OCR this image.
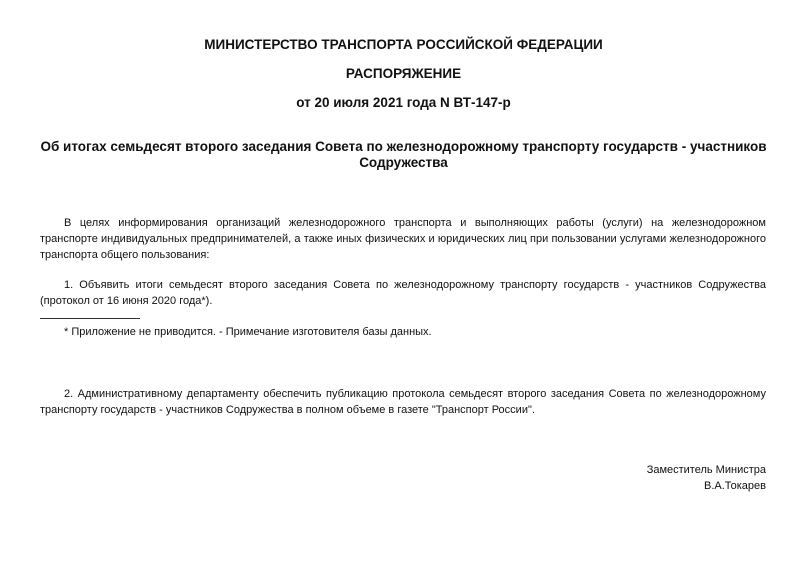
МИНИСТЕРСТВО ТРАНСПОРТА РОССИЙСКОЙ ФЕДЕРАЦИИ
РАСПОРЯЖЕНИЕ
от 20 июля 2021 года N ВТ-147-р
Об итогах семьдесят второго заседания Совета по железнодорожному транспорту государств - участников Содружества
В целях информирования организаций железнодорожного транспорта и выполняющих работы (услуги) на железнодорожном транспорте индивидуальных предпринимателей, а также иных физических и юридических лиц при пользовании услугами железнодорожного транспорта общего пользования:
1. Объявить итоги семьдесят второго заседания Совета по железнодорожному транспорту государств - участников Содружества (протокол от 16 июня 2020 года*).
* Приложение не приводится. - Примечание изготовителя базы данных.
2. Административному департаменту обеспечить публикацию протокола семьдесят второго заседания Совета по железнодорожному транспорту государств - участников Содружества в полном объеме в газете "Транспорт России".
Заместитель Министра
В.А.Токарев
